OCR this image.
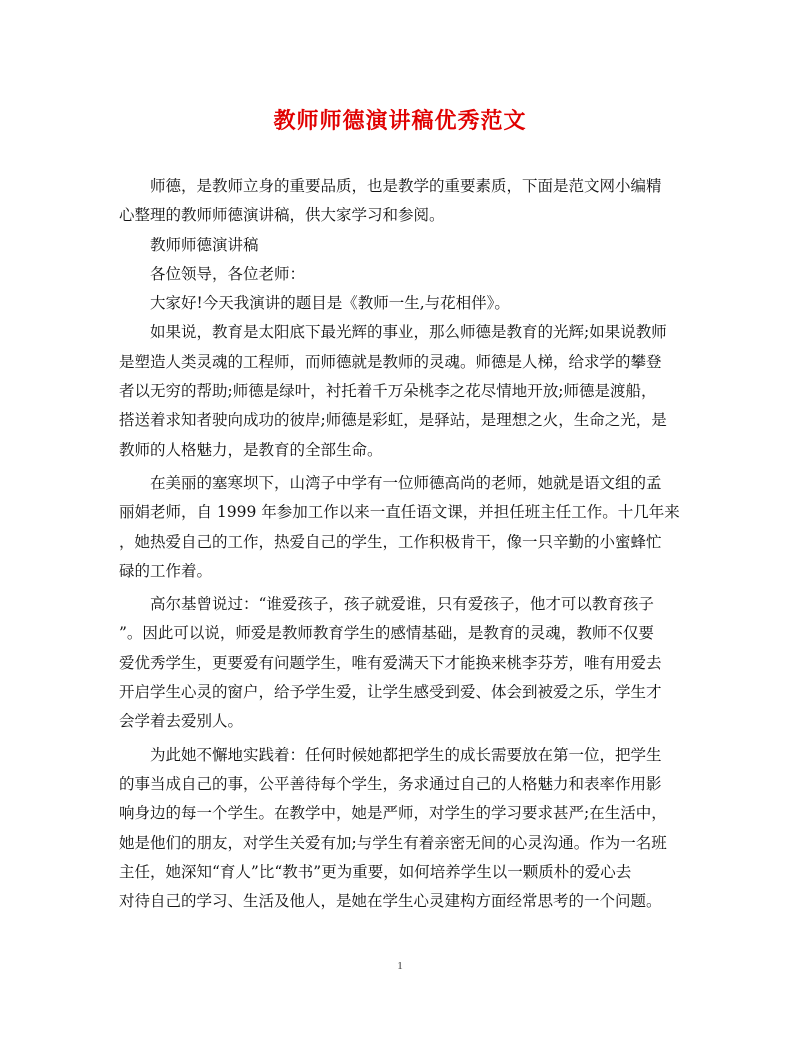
教师师德演讲稿优秀范文
师德，是教师立身的重要品质，也是教学的重要素质，下面是范文网小编精
心整理的教师师德演讲稿，供大家学习和参阅。
教师师德演讲稿
各位领导，各位老师：
大家好!今天我演讲的题目是《教师一生,与花相伴》。
如果说，教育是太阳底下最光辉的事业，那么师德是教育的光辉;如果说教师
是塑造人类灵魂的工程师，而师德就是教师的灵魂。师德是人梯，给求学的攀登
者以无穷的帮助;师德是绿叶，衬托着千万朵桃李之花尽情地开放;师德是渡船，
搭送着求知者驶向成功的彼岸;师德是彩虹，是驿站，是理想之火，生命之光，是
教师的人格魅力，是教育的全部生命。
在美丽的塞寒坝下，山湾子中学有一位师德高尚的老师，她就是语文组的孟
丽娟老师，自 1999 年参加工作以来一直任语文课，并担任班主任工作。十几年来
，她热爱自己的工作，热爱自己的学生，工作积极肯干，像一只辛勤的小蜜蜂忙
碌的工作着。
高尔基曾说过：“谁爱孩子，孩子就爱谁，只有爱孩子，他才可以教育孩子
”。因此可以说，师爱是教师教育学生的感情基础，是教育的灵魂，教师不仅要
爱优秀学生，更要爱有问题学生，唯有爱满天下才能换来桃李芬芳，唯有用爱去
开启学生心灵的窗户，给予学生爱，让学生感受到爱、体会到被爱之乐，学生才
会学着去爱别人。
为此她不懈地实践着：任何时候她都把学生的成长需要放在第一位，把学生
的事当成自己的事，公平善待每个学生，务求通过自己的人格魅力和表率作用影
响身边的每一个学生。在教学中，她是严师，对学生的学习要求甚严;在生活中，
她是他们的朋友，对学生关爱有加;与学生有着亲密无间的心灵沟通。作为一名班
主任，她深知“育人”比“教书”更为重要，如何培养学生以一颗质朴的爱心去
对待自己的学习、生活及他人，是她在学生心灵建构方面经常思考的一个问题。
1
